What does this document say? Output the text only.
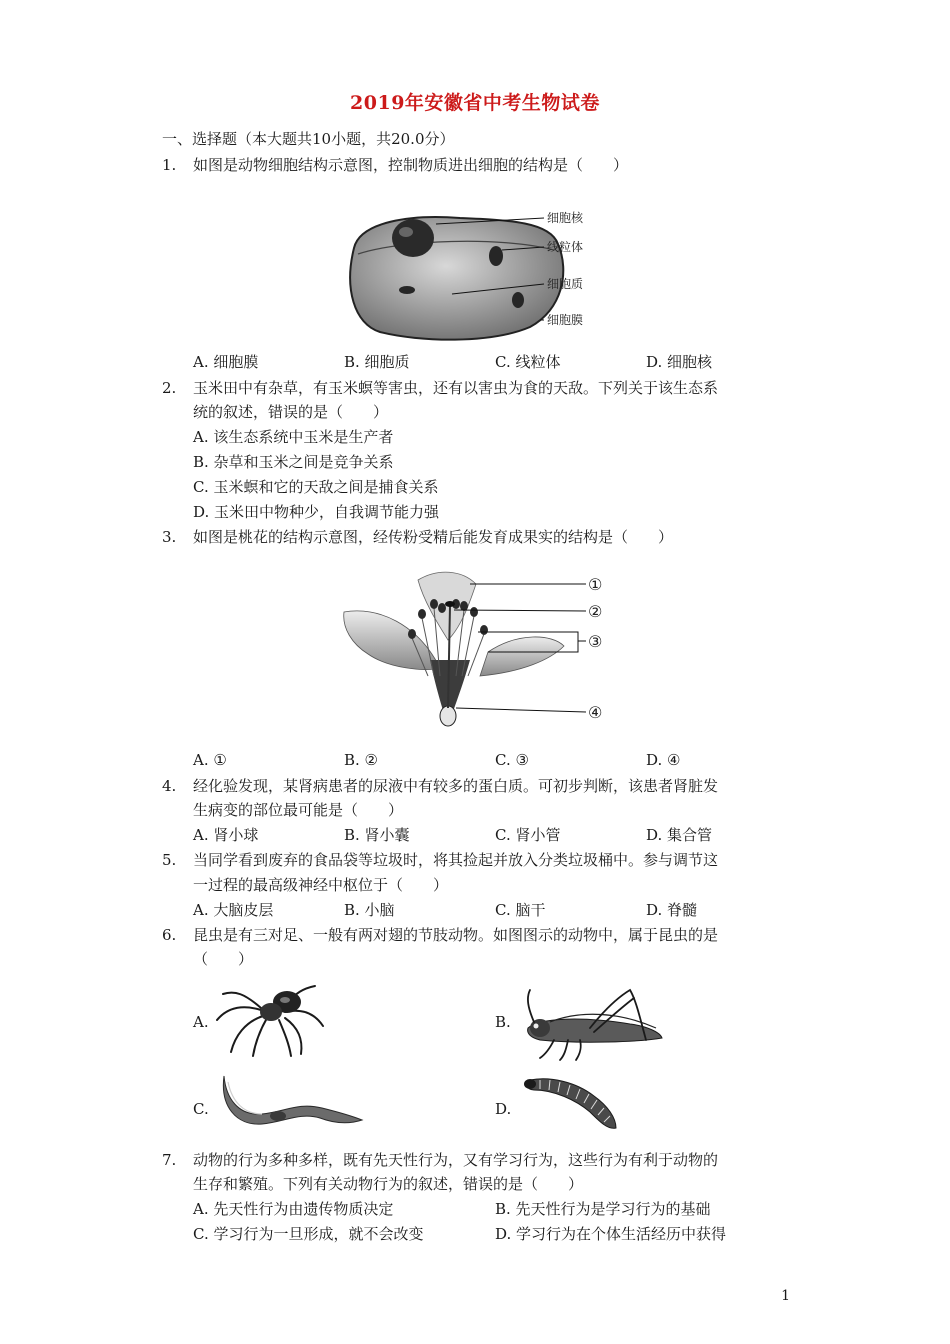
2019年安徽省中考生物试卷
一、选择题（本大题共10小题，共20.0分）
1. 如图是动物细胞结构示意图，控制物质进出细胞的结构是（　　）
细胞核
线粒体
细胞质
细胞膜
A. 细胞膜	B. 细胞质	C. 线粒体	D. 细胞核
2. 玉米田中有杂草，有玉米螟等害虫，还有以害虫为食的天敌。下列关于该生态系
统的叙述，错误的是（　　）
A. 该生态系统中玉米是生产者
B. 杂草和玉米之间是竞争关系
C. 玉米螟和它的天敌之间是捕食关系
D. 玉米田中物种少，自我调节能力强
3. 如图是桃花的结构示意图，经传粉受精后能发育成果实的结构是（　　）
①
②
③
④
A. ①	B. ②	C. ③	D. ④
4. 经化验发现，某肾病患者的尿液中有较多的蛋白质。可初步判断，该患者肾脏发
生病变的部位最可能是（　　）
A. 肾小球	B. 肾小囊	C. 肾小管	D. 集合管
5. 当同学看到废弃的食品袋等垃圾时，将其捡起并放入分类垃圾桶中。参与调节这
一过程的最高级神经中枢位于（　　）
A. 大脑皮层	B. 小脑	C. 脑干	D. 脊髓
6. 昆虫是有三对足、一般有两对翅的节肢动物。如图图示的动物中，属于昆虫的是
（　　）
A.	B.
C.	D.
7. 动物的行为多种多样，既有先天性行为，又有学习行为，这些行为有利于动物的
生存和繁殖。下列有关动物行为的叙述，错误的是（　　）
A. 先天性行为由遗传物质决定	B. 先天性行为是学习行为的基础
C. 学习行为一旦形成，就不会改变	D. 学习行为在个体生活经历中获得
1
